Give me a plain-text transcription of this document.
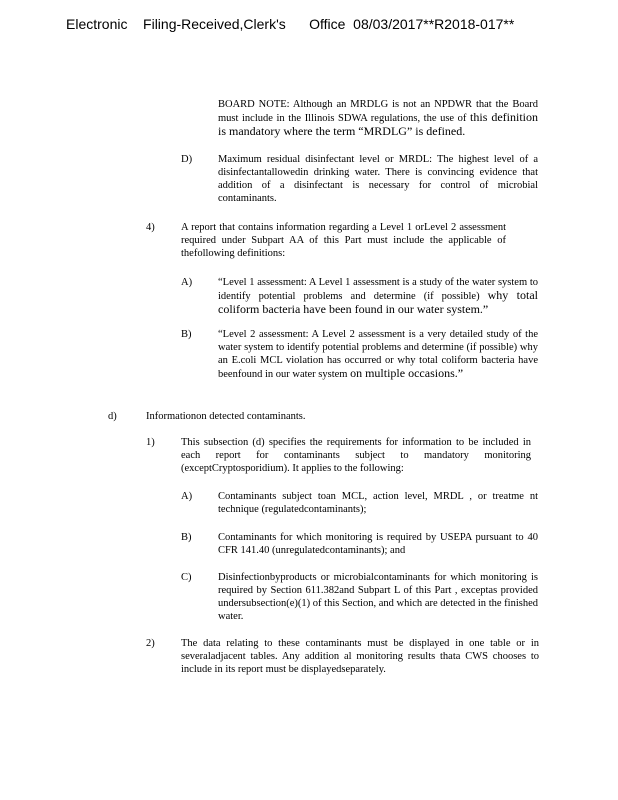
Electronic    Filing-Received,Clerk's      Office  08/03/2017**R2018-017**
BOARD NOTE: Although an MRDLG is not an NPDWR that the Board must include in the Illinois SDWA regulations, the use of this definition is mandatory where the term “MRDLG” is defined.
D) Maximum residual disinfectant level or MRDL: The highest level of a disinfectantallowedin drinking water. There is convincing evidence that addition of a disinfectant is necessary for control of microbial contaminants.
4)	A report that contains information regarding a Level 1 orLevel 2 assessment required under Subpart AA of this Part must include the applicable of thefollowing definitions:
A) “Level 1 assessment: A Level 1 assessment is a study of the water system to identify potential problems and determine (if possible) why total coliform bacteria have been found in our water system.”
B)	“Level 2 assessment: A Level 2 assessment is a very detailed study of the water system to identify potential problems and determine (if possible) why an E.coli MCL violation has occurred or why total coliform bacteria have beenfound in our water system on multiple occasions.”
d)	Informationon detected contaminants.
1)	This subsection (d) specifies the requirements for information to be included in each report for contaminants subject to mandatory monitoring (exceptCryptosporidium). It applies to the following:
A) Contaminants subject toan MCL, action level, MRDL , or treatme nt technique (regulatedcontaminants);
B)	Contaminants for which monitoring is required by USEPA pursuant to 40 CFR 141.40 (unregulatedcontaminants); and
C)	Disinfectionbyproducts or microbialcontaminants for which monitoring is required by Section 611.382and Subpart L of this Part , exceptas provided undersubsection(e)(1) of this Section, and which are detected in the finished water.
2)	The data relating to these contaminants must be displayed in one table or in severaladjacent tables. Any addition al monitoring results thata CWS chooses to include in its report must be displayedseparately.
